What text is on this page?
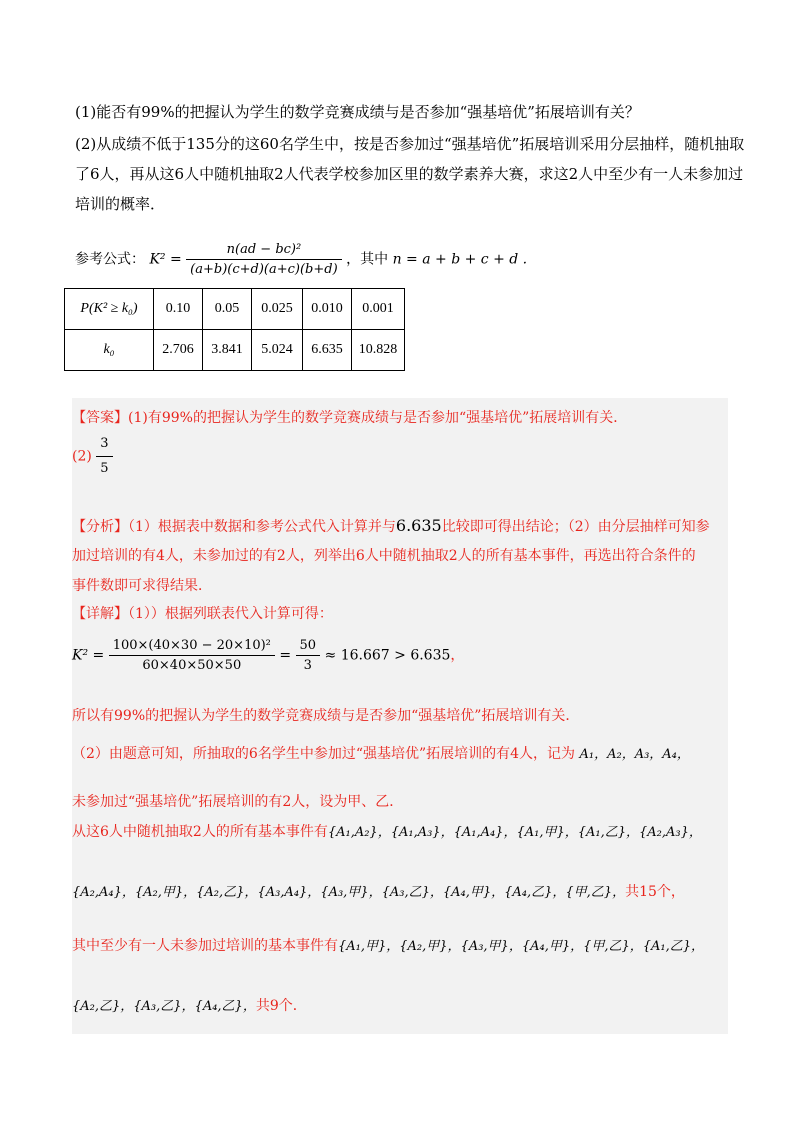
(1)能否有99%的把握认为学生的数学竞赛成绩与是否参加“强基培优”拓展培训有关？
(2)从成绩不低于135分的这60名学生中，按是否参加过“强基培优”拓展培训采用分层抽样，随机抽取
了6人，再从这6人中随机抽取2人代表学校参加区里的数学素养大赛，求这2人中至少有一人未参加过
培训的概率．
参考公式： $K^2 = \frac{\text{n(ad − bc)²}}{(a+b)(c+d)(a+c)(b+d)}$ ，其中 n = a + b + c + d .
P(K² ≥ k₀)	0.10	0.05	0.025	0.010	0.001
k₀	2.706	3.841	5.024	6.635	10.828
【答案】(1)有99%的把握认为学生的数学竞赛成绩与是否参加“强基培优”拓展培训有关．
$(2) \frac{3}{5}$
【分析】（1）根据表中数据和参考公式代入计算并与6.635比较即可得出结论；（2）由分层抽样可知参
加过培训的有4人，未参加过的有2人，列举出6人中随机抽取2人的所有基本事件，再选出符合条件的
事件数即可求得结果．
【详解】（1））根据列联表代入计算可得：
$K^2 = \frac{\text{100×(40×30 − 20×10)²}}{60\times 40\times 50\times 50} = \frac{50}{3} \approx 16.667 > 6.635$，
所以有99%的把握认为学生的数学竞赛成绩与是否参加“强基培优”拓展培训有关．
（2）由题意可知，所抽取的6名学生中参加过“强基培优”拓展培训的有4人，记为 A₁，A₂，A₃，A₄，
未参加过“强基培优”拓展培训的有2人，设为甲、乙．
从这6人中随机抽取2人的所有基本事件有{A₁,A₂}，{A₁,A₃}，{A₁,A₄}，{A₁,甲}，{A₁,乙}，{A₂,A₃}，
{A₂,A₄}，{A₂,甲}，{A₂,乙}，{A₃,A₄}，{A₃,甲}，{A₃,乙}，{A₄,甲}，{A₄,乙}，{甲,乙}，共15个，
其中至少有一人未参加过培训的基本事件有{A₁,甲}，{A₂,甲}，{A₃,甲}，{A₄,甲}，{甲,乙}，{A₁,乙}，
{A₂,乙}，{A₃,乙}，{A₄,乙}，共9个．
